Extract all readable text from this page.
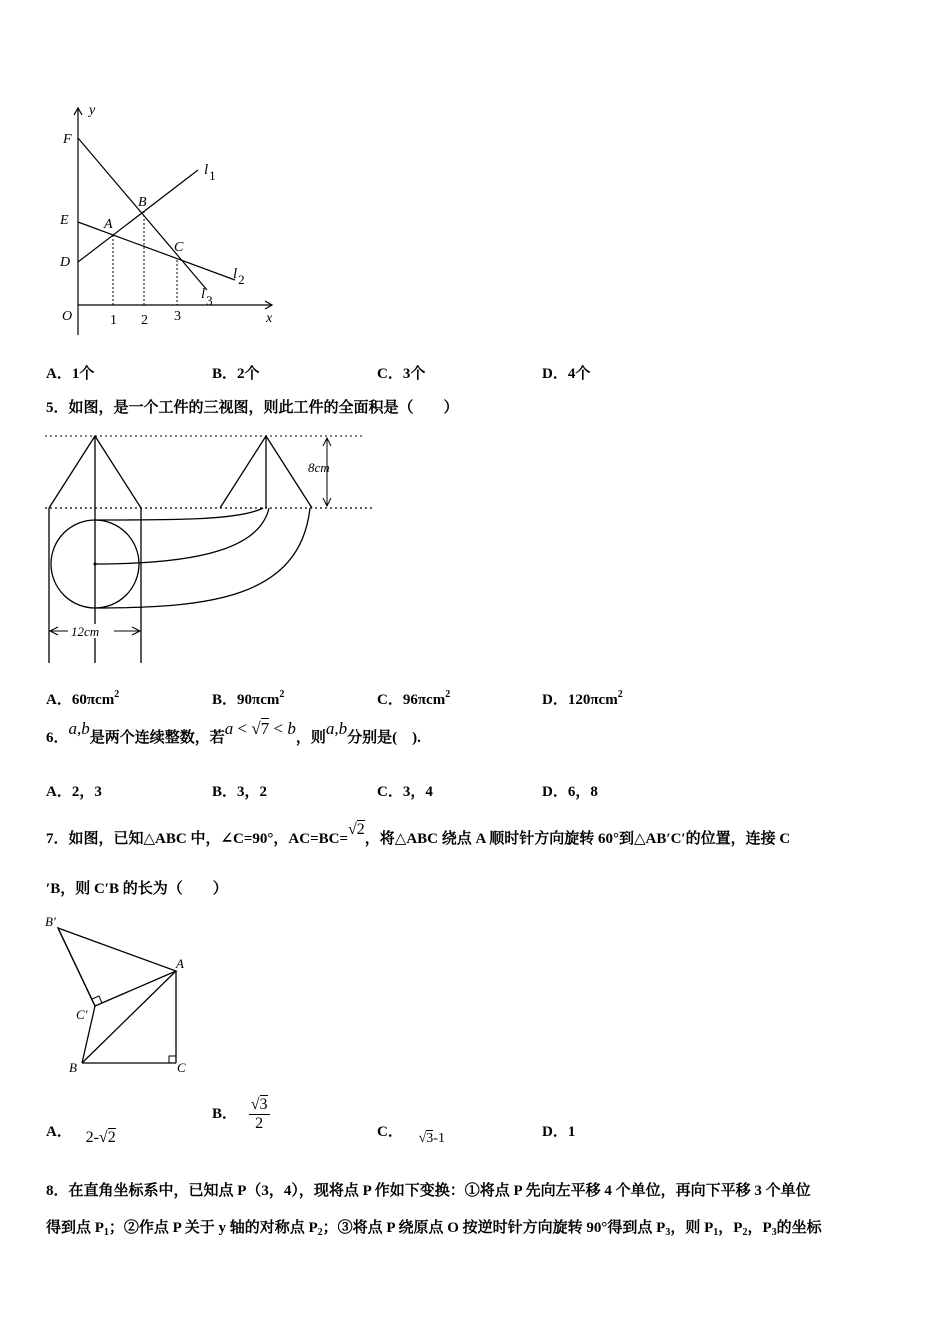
y
x
F
E
D
O
A
B
C
l1
l2
l3
1 2 3
A．1个	B．2个	C．3个	D．4个
5．如图，是一个工件的三视图，则此工件的全面积是（　　）
8cm
12cm
A．60πcm$^2$	B．90πcm$^2$	C．96πcm$^2$	D．120πcm$^2$
6．a,b是两个连续整数，若a < √7 < b，则a,b分别是(　).
A．2，3	B．3，2	C．3，4	D．6，8
7．如图，已知△ABC 中，∠C=90°，AC=BC=√2，将△ABC 绕点 A 顺时针方向旋转 60°到△AB′C′的位置，连接 C
′B，则 C′B 的长为（　　）
B′
A
C′
B	C
A． 2-√2
B． $\frac{√3}{2}$	C． √3-1	D．1
8．在直角坐标系中，已知点 P（3，4），现将点 P 作如下变换：①将点 P 先向左平移 4 个单位，再向下平移 3 个单位
得到点 $P_1$；②作点 P 关于 y 轴的对称点 $P_2$；③将点 P 绕原点 O 按逆时针方向旋转 90°得到点 $P_3$，则 $P_1$，$P_2$，$P_3$的坐标
